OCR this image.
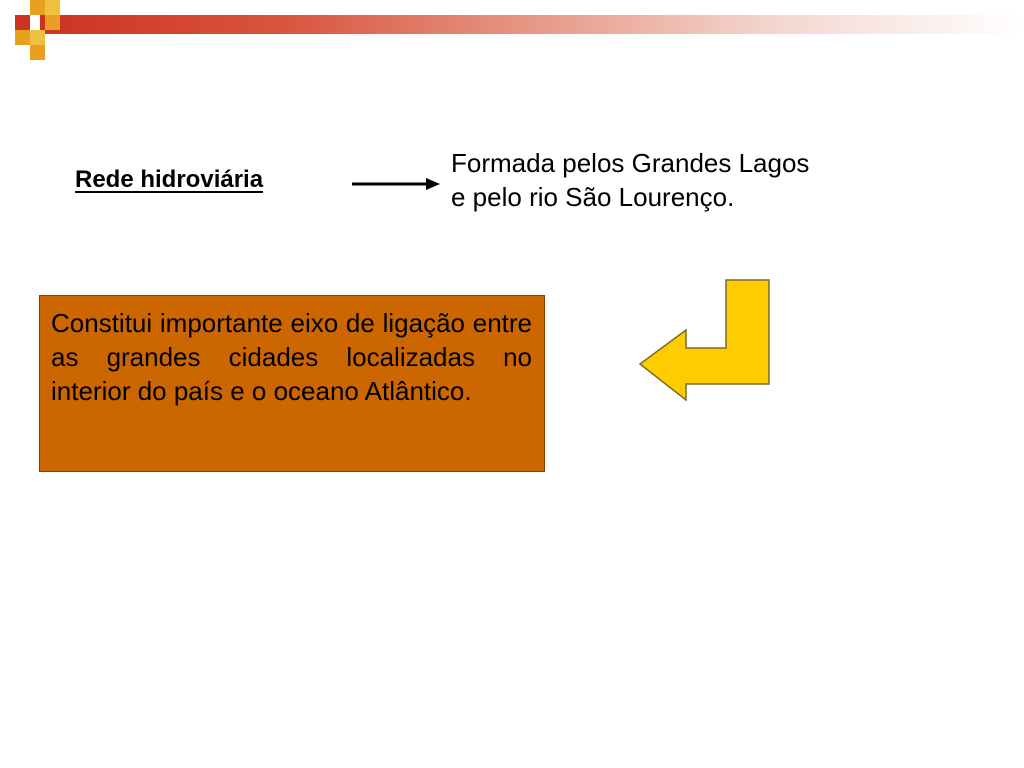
Rede hidroviária
Formada pelos Grandes Lagos
e pelo rio São Lourenço.
Constitui importante eixo de ligação entre as grandes cidades localizadas no interior do país e o oceano Atlântico.
